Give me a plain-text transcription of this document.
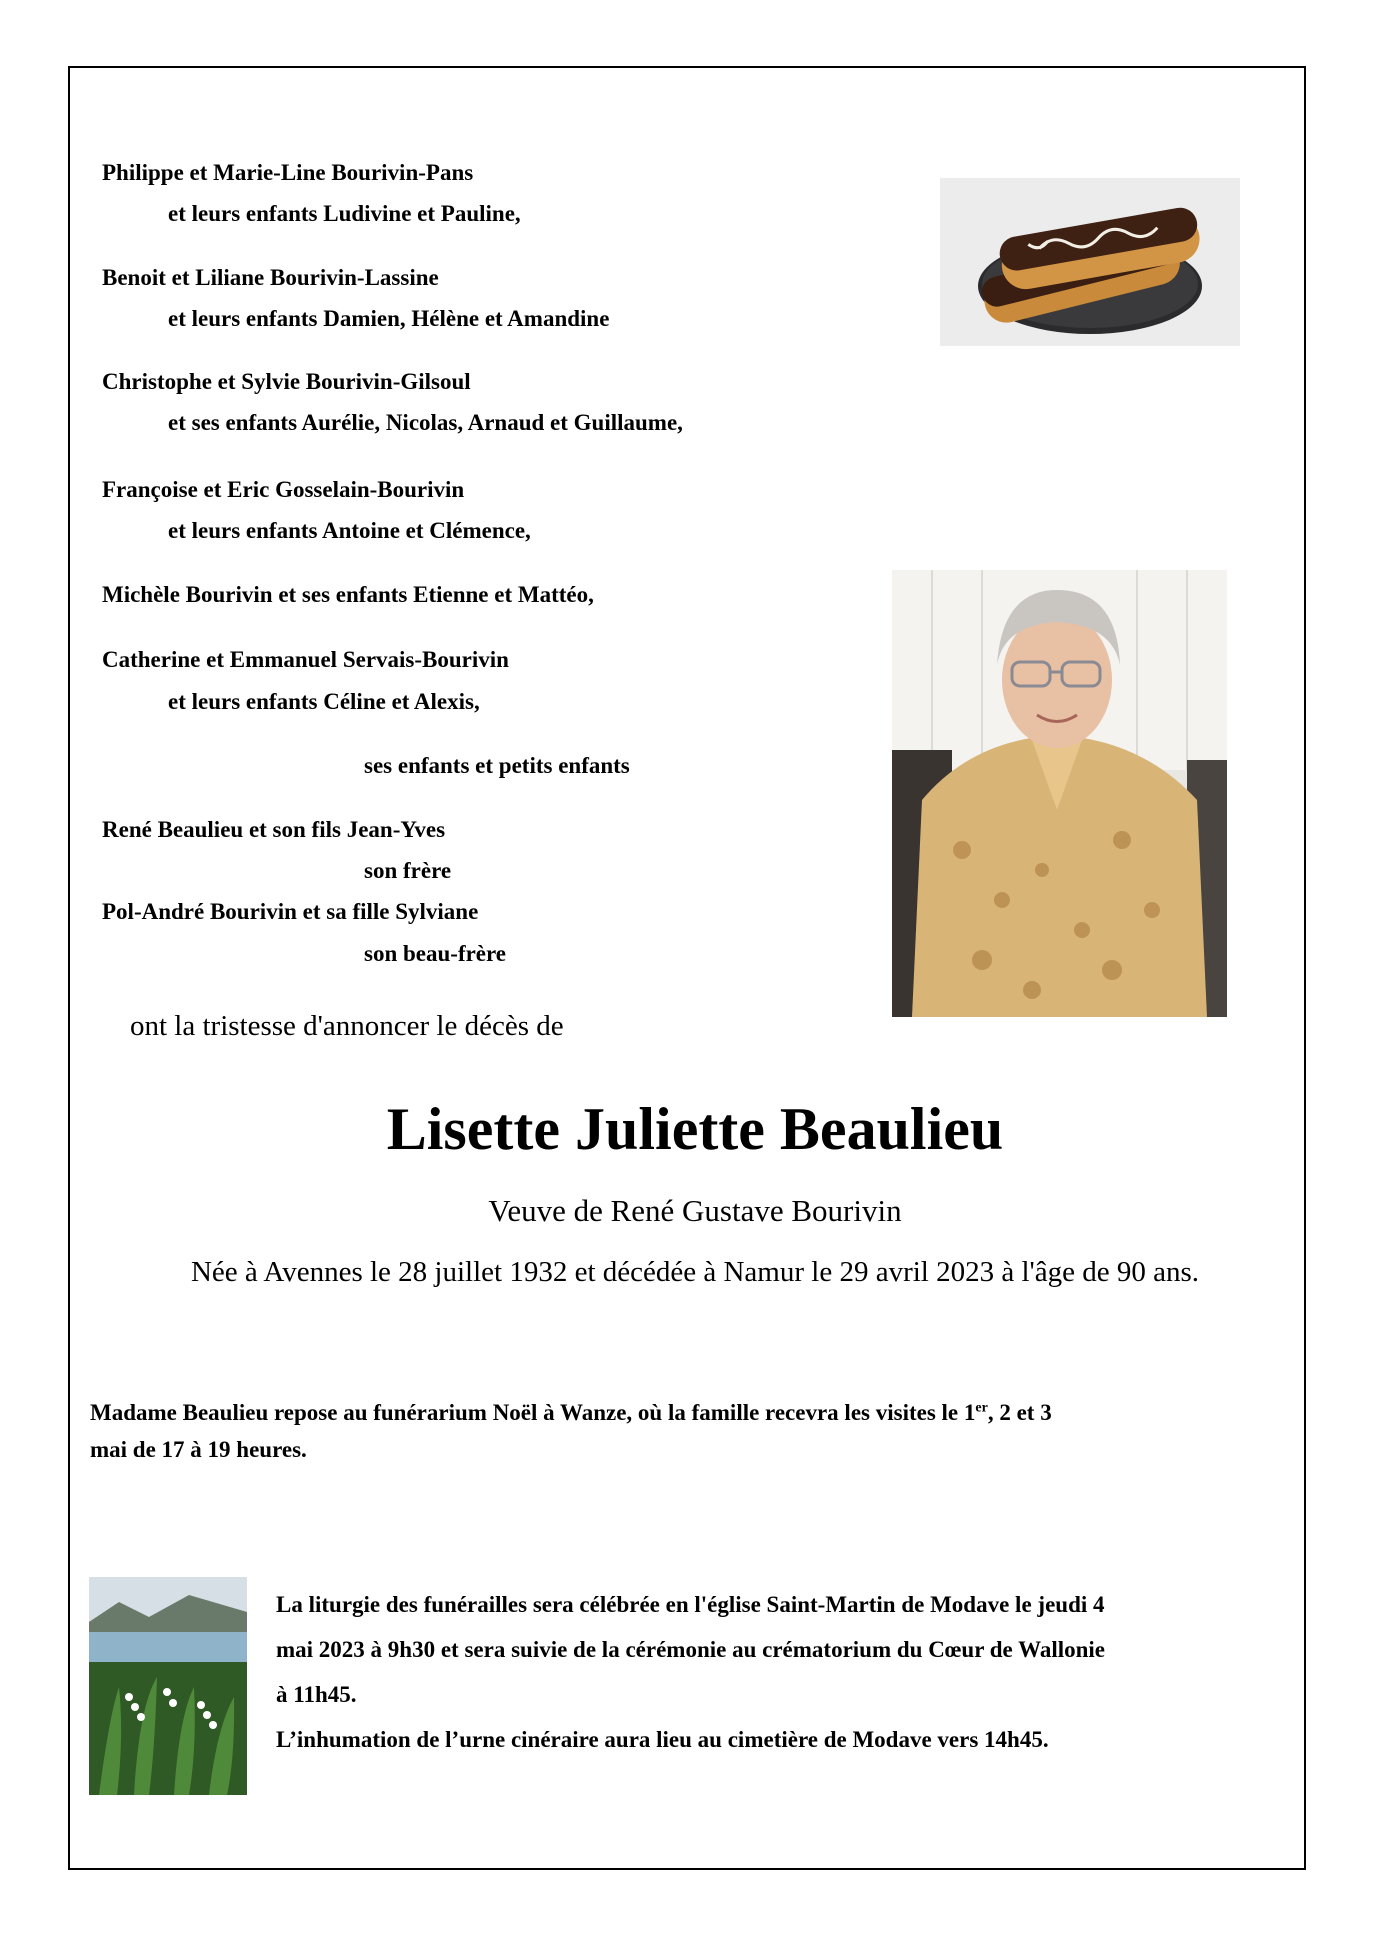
Philippe et Marie-Line Bourivin-Pans
et leurs enfants Ludivine et Pauline,
Benoit et Liliane Bourivin-Lassine
et leurs enfants Damien, Hélène et Amandine
Christophe et Sylvie Bourivin-Gilsoul
et ses enfants Aurélie, Nicolas, Arnaud et Guillaume,
Françoise et Eric Gosselain-Bourivin
et leurs enfants Antoine et Clémence,
Michèle Bourivin et ses enfants Etienne et Mattéo,
Catherine et Emmanuel Servais-Bourivin
et leurs enfants Céline et Alexis,
ses enfants et petits enfants
René Beaulieu et son fils Jean-Yves
son frère
Pol-André Bourivin et sa fille Sylviane
son beau-frère
ont la tristesse d'annoncer le décès de
Lisette Juliette Beaulieu
Veuve de René Gustave Bourivin
Née à Avennes le 28 juillet 1932 et décédée à Namur le 29 avril 2023 à l'âge de 90 ans.
Madame Beaulieu repose au funérarium Noël à Wanze, où la famille recevra les visites le 1er, 2 et 3
mai de 17 à 19 heures.
La liturgie des funérailles sera célébrée en l'église Saint-Martin de Modave le jeudi 4
mai 2023 à 9h30 et sera suivie de la cérémonie au crématorium du Cœur de Wallonie
à 11h45.
L’inhumation de l’urne cinéraire aura lieu au cimetière de Modave vers 14h45.
